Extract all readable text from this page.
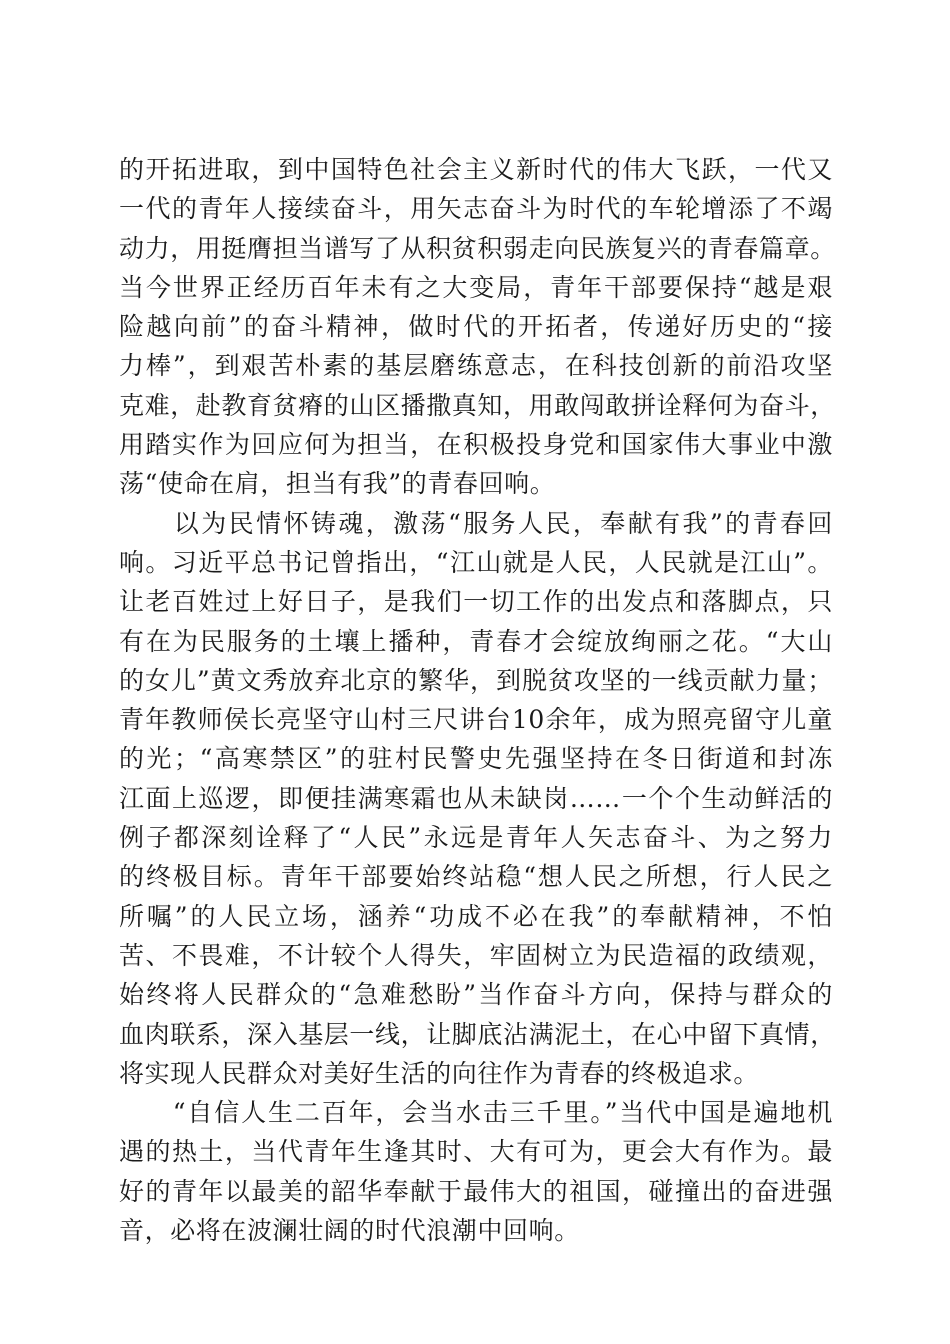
的开拓进取，到中国特色社会主义新时代的伟大飞跃，一代又
一代的青年人接续奋斗，用矢志奋斗为时代的车轮增添了不竭
动力，用挺膺担当谱写了从积贫积弱走向民族复兴的青春篇章。
当今世界正经历百年未有之大变局，青年干部要保持“越是艰
险越向前”的奋斗精神，做时代的开拓者，传递好历史的“接
力棒”，到艰苦朴素的基层磨练意志，在科技创新的前沿攻坚
克难，赴教育贫瘠的山区播撒真知，用敢闯敢拼诠释何为奋斗，
用踏实作为回应何为担当，在积极投身党和国家伟大事业中激
荡“使命在肩，担当有我”的青春回响。
　　以为民情怀铸魂，激荡“服务人民，奉献有我”的青春回
响。习近平总书记曾指出，“江山就是人民，人民就是江山”。
让老百姓过上好日子，是我们一切工作的出发点和落脚点，只
有在为民服务的土壤上播种，青春才会绽放绚丽之花。“大山
的女儿”黄文秀放弃北京的繁华，到脱贫攻坚的一线贡献力量；
青年教师侯长亮坚守山村三尺讲台10余年，成为照亮留守儿童
的光；“高寒禁区”的驻村民警史先强坚持在冬日街道和封冻
江面上巡逻，即便挂满寒霜也从未缺岗……一个个生动鲜活的
例子都深刻诠释了“人民”永远是青年人矢志奋斗、为之努力
的终极目标。青年干部要始终站稳“想人民之所想，行人民之
所嘱”的人民立场，涵养“功成不必在我”的奉献精神，不怕
苦、不畏难，不计较个人得失，牢固树立为民造福的政绩观，
始终将人民群众的“急难愁盼”当作奋斗方向，保持与群众的
血肉联系，深入基层一线，让脚底沾满泥土，在心中留下真情，
将实现人民群众对美好生活的向往作为青春的终极追求。
　　“自信人生二百年，会当水击三千里。”当代中国是遍地机
遇的热土，当代青年生逢其时、大有可为，更会大有作为。最
好的青年以最美的韶华奉献于最伟大的祖国，碰撞出的奋进强
音，必将在波澜壮阔的时代浪潮中回响。
